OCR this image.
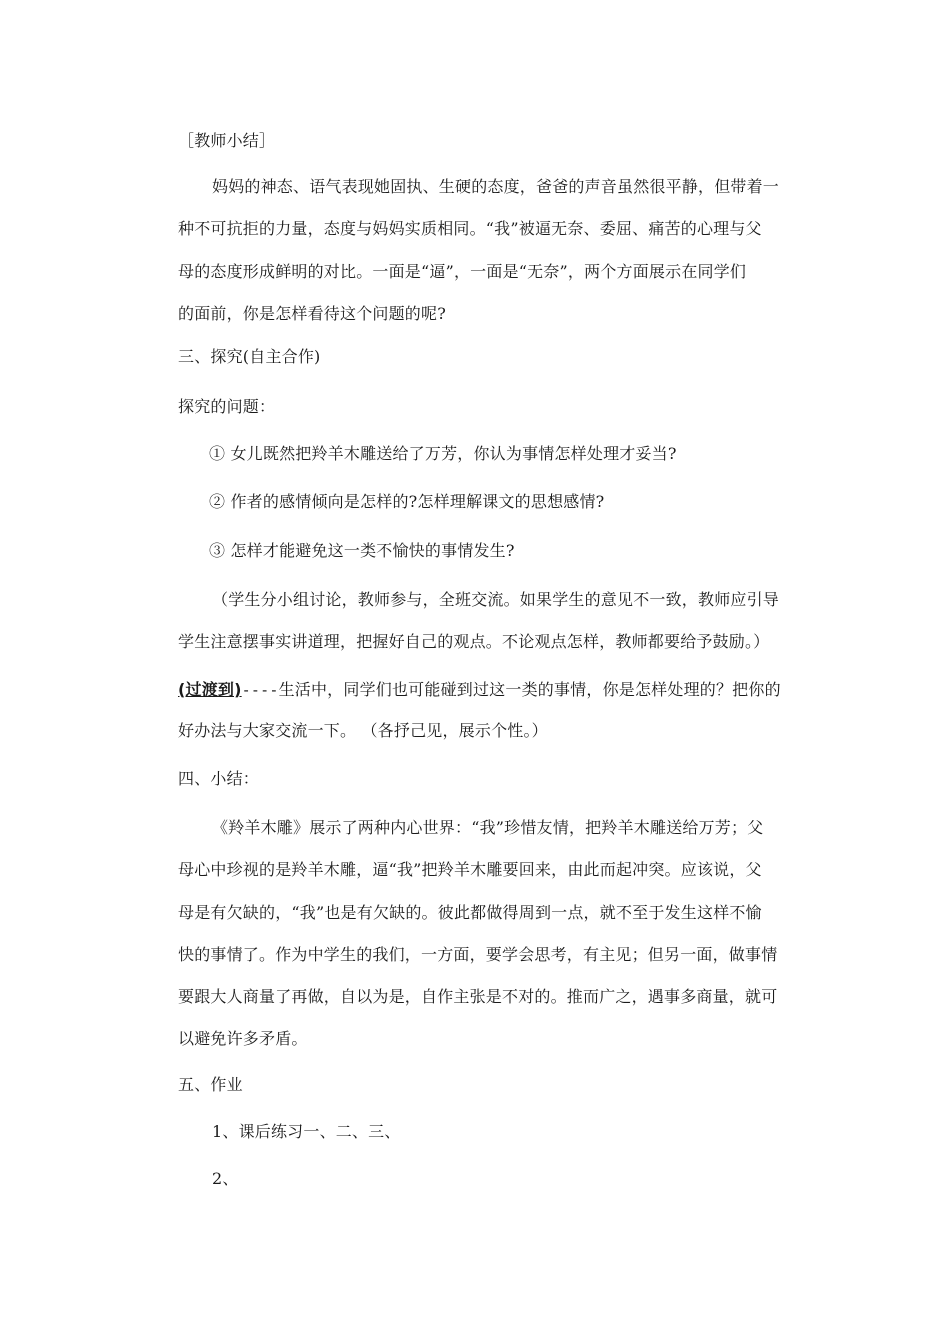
［教师小结］
妈妈的神态、语气表现她固执、生硬的态度，爸爸的声音虽然很平静，但带着一
种不可抗拒的力量，态度与妈妈实质相同。“我”被逼无奈、委屈、痛苦的心理与父
母的态度形成鲜明的对比。一面是“逼”，一面是“无奈”，两个方面展示在同学们
的面前，你是怎样看待这个问题的呢?
三、探究(自主合作)
探究的问题：
① 女儿既然把羚羊木雕送给了万芳，你认为事情怎样处理才妥当?
② 作者的感情倾向是怎样的?怎样理解课文的思想感情?
③ 怎样才能避免这一类不愉快的事情发生?
（学生分小组讨论，教师参与，全班交流。如果学生的意见不一致，教师应引导
学生注意摆事实讲道理，把握好自己的观点。不论观点怎样，教师都要给予鼓励。）
(过渡到)----生活中，同学们也可能碰到过这一类的事情，你是怎样处理的？把你的
好办法与大家交流一下。 （各抒己见，展示个性。）
四、小结：
《羚羊木雕》展示了两种内心世界：“我”珍惜友情，把羚羊木雕送给万芳；父
母心中珍视的是羚羊木雕，逼“我”把羚羊木雕要回来，由此而起冲突。应该说，父
母是有欠缺的，“我”也是有欠缺的。彼此都做得周到一点，就不至于发生这样不愉
快的事情了。作为中学生的我们，一方面，要学会思考，有主见；但另一面，做事情
要跟大人商量了再做，自以为是，自作主张是不对的。推而广之，遇事多商量，就可
以避免许多矛盾。
五、作业
1、课后练习一、二、三、
2、
